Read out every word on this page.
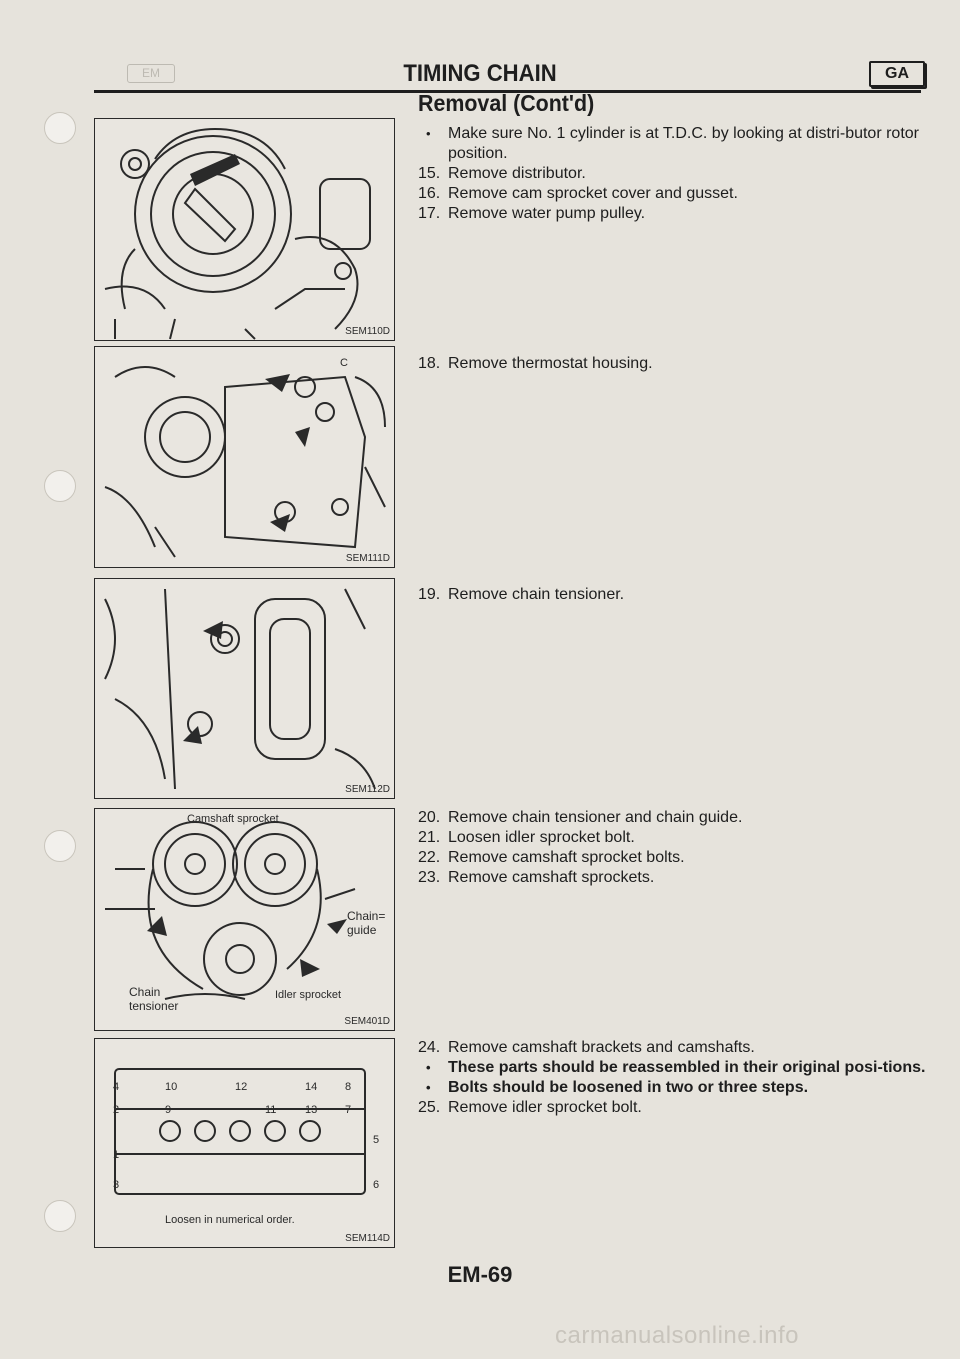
EM	TIMING CHAIN	GA
Removal (Cont'd)
SEM110D
C
SEM111D
SEM112D
Camshaft sprocket
Chain=
guide
Chain
tensioner
Idler sprocket
SEM401D
4
2
1
3
5
6
7
8
9
10
11
12
13
14
Loosen in numerical order.
SEM114D
• Make sure No. 1 cylinder is at T.D.C. by looking at distri-butor rotor position.
15. Remove distributor.
16. Remove cam sprocket cover and gusset.
17. Remove water pump pulley.
18. Remove thermostat housing.
19. Remove chain tensioner.
20. Remove chain tensioner and chain guide.
21. Loosen idler sprocket bolt.
22. Remove camshaft sprocket bolts.
23. Remove camshaft sprockets.
24. Remove camshaft brackets and camshafts.
• These parts should be reassembled in their original posi-tions.
• Bolts should be loosened in two or three steps.
25. Remove idler sprocket bolt.
EM-69
carmanualsonline.info
